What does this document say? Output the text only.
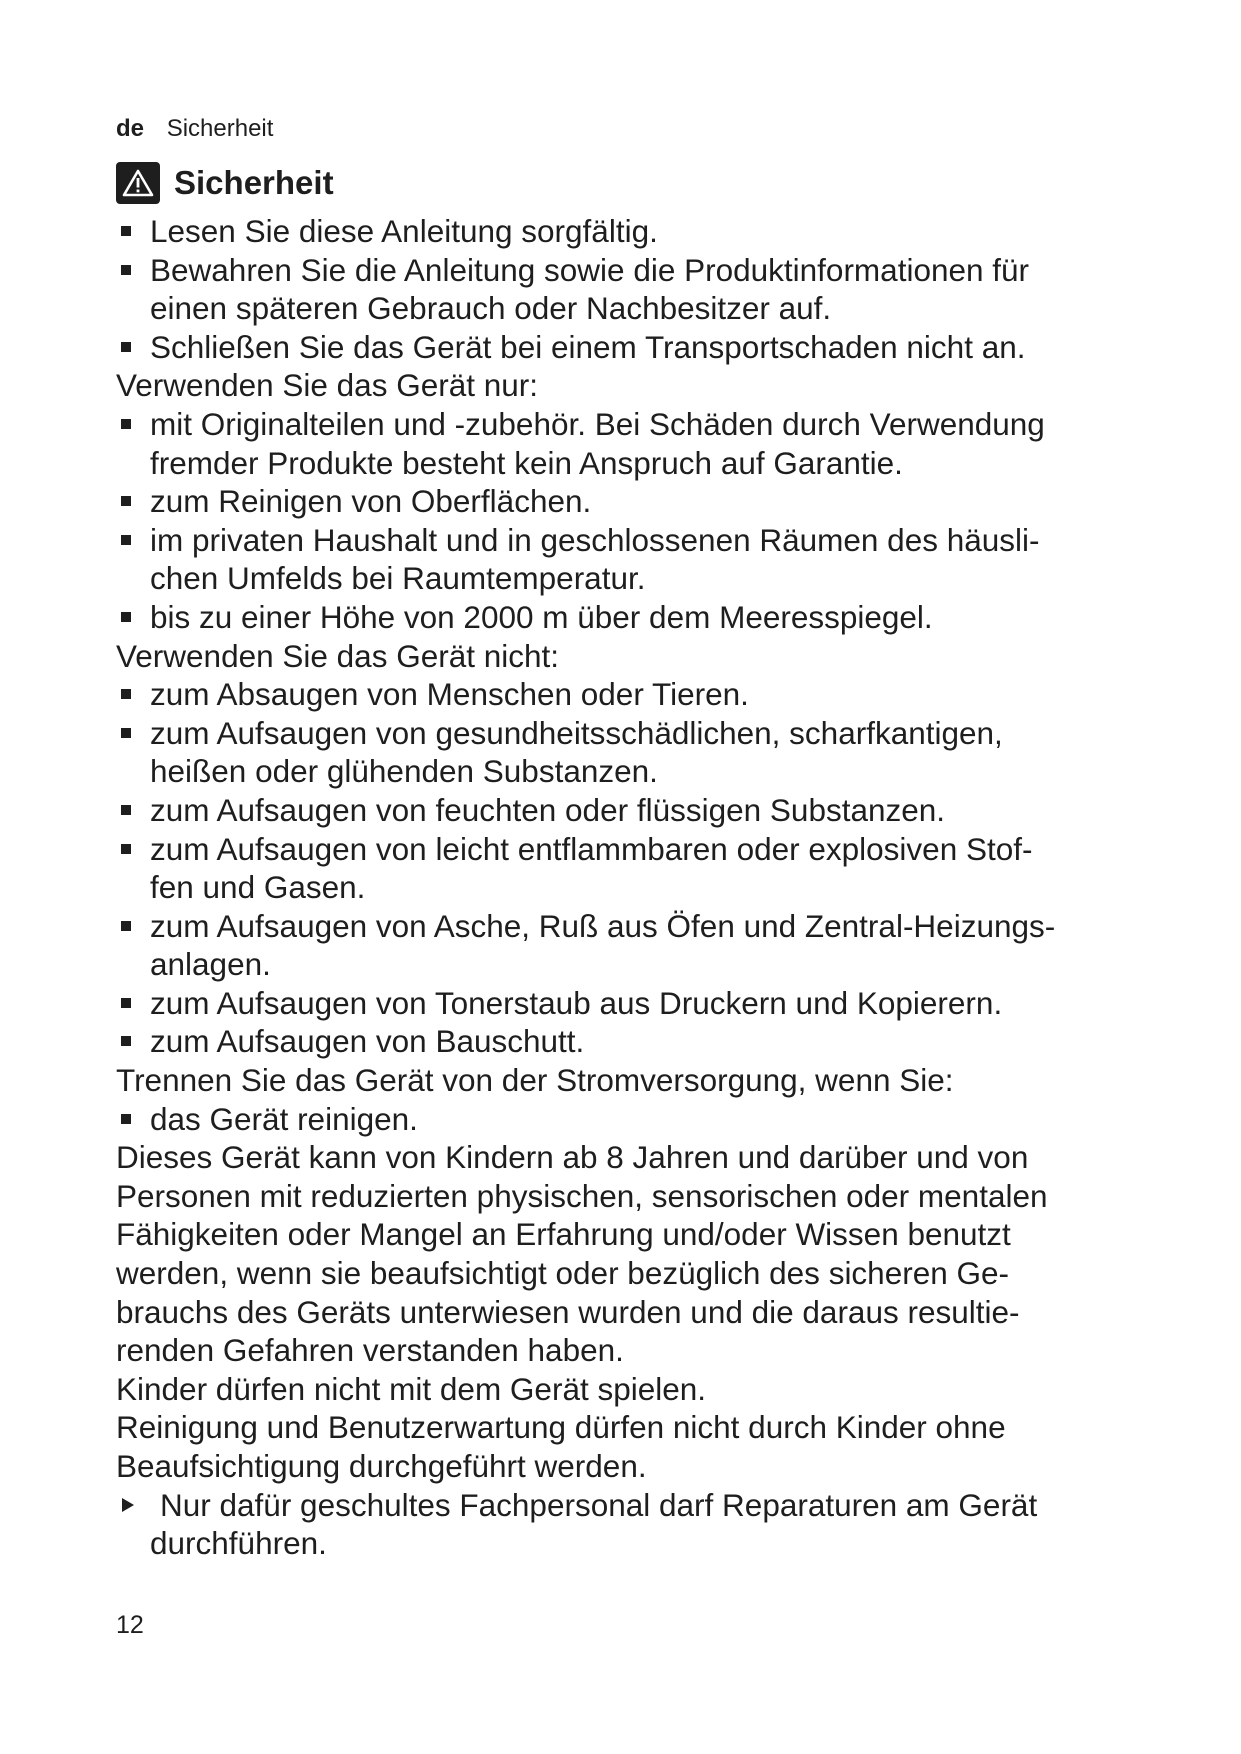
de Sicherheit
Sicherheit
Lesen Sie diese Anleitung sorgfältig.
Bewahren Sie die Anleitung sowie die Produktinformationen für
einen späteren Gebrauch oder Nachbesitzer auf.
Schließen Sie das Gerät bei einem Transportschaden nicht an.
Verwenden Sie das Gerät nur:
mit Originalteilen und -zubehör. Bei Schäden durch Verwendung
fremder Produkte besteht kein Anspruch auf Garantie.
zum Reinigen von Oberflächen.
im privaten Haushalt und in geschlossenen Räumen des häusli-
chen Umfelds bei Raumtemperatur.
bis zu einer Höhe von 2000 m über dem Meeresspiegel.
Verwenden Sie das Gerät nicht:
zum Absaugen von Menschen oder Tieren.
zum Aufsaugen von gesundheitsschädlichen, scharfkantigen,
heißen oder glühenden Substanzen.
zum Aufsaugen von feuchten oder flüssigen Substanzen.
zum Aufsaugen von leicht entflammbaren oder explosiven Stof-
fen und Gasen.
zum Aufsaugen von Asche, Ruß aus Öfen und Zentral-Heizungs-
anlagen.
zum Aufsaugen von Tonerstaub aus Druckern und Kopierern.
zum Aufsaugen von Bauschutt.
Trennen Sie das Gerät von der Stromversorgung, wenn Sie:
das Gerät reinigen.
Dieses Gerät kann von Kindern ab 8 Jahren und darüber und von
Personen mit reduzierten physischen, sensorischen oder mentalen
Fähigkeiten oder Mangel an Erfahrung und/oder Wissen benutzt
werden, wenn sie beaufsichtigt oder bezüglich des sicheren Ge-
brauchs des Geräts unterwiesen wurden und die daraus resultie-
renden Gefahren verstanden haben.
Kinder dürfen nicht mit dem Gerät spielen.
Reinigung und Benutzerwartung dürfen nicht durch Kinder ohne
Beaufsichtigung durchgeführt werden.
Nur dafür geschultes Fachpersonal darf Reparaturen am Gerät
durchführen.
12
